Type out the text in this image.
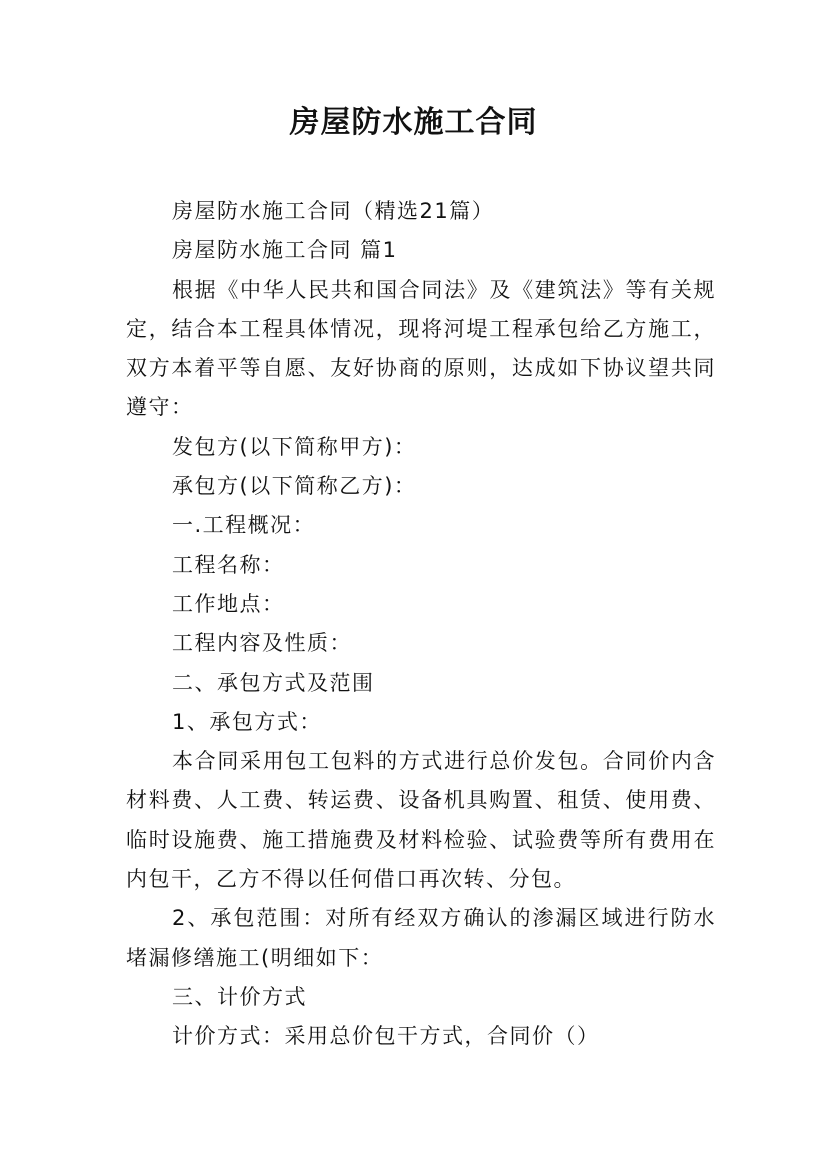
房屋防水施工合同

房屋防水施工合同（精选21篇）

房屋防水施工合同 篇1

根据《中华人民共和国合同法》及《建筑法》等有关规定，结合本工程具体情况，现将河堤工程承包给乙方施工，双方本着平等自愿、友好协商的原则，达成如下协议望共同遵守：

发包方(以下简称甲方)：

承包方(以下简称乙方)：

一.工程概况：

工程名称：

工作地点：

工程内容及性质：

二、承包方式及范围

1、承包方式：

本合同采用包工包料的方式进行总价发包。合同价内含材料费、人工费、转运费、设备机具购置、租赁、使用费、临时设施费、施工措施费及材料检验、试验费等所有费用在内包干，乙方不得以任何借口再次转、分包。

2、承包范围：对所有经双方确认的渗漏区域进行防水堵漏修缮施工(明细如下：

三、计价方式

计价方式：采用总价包干方式，合同价（）
